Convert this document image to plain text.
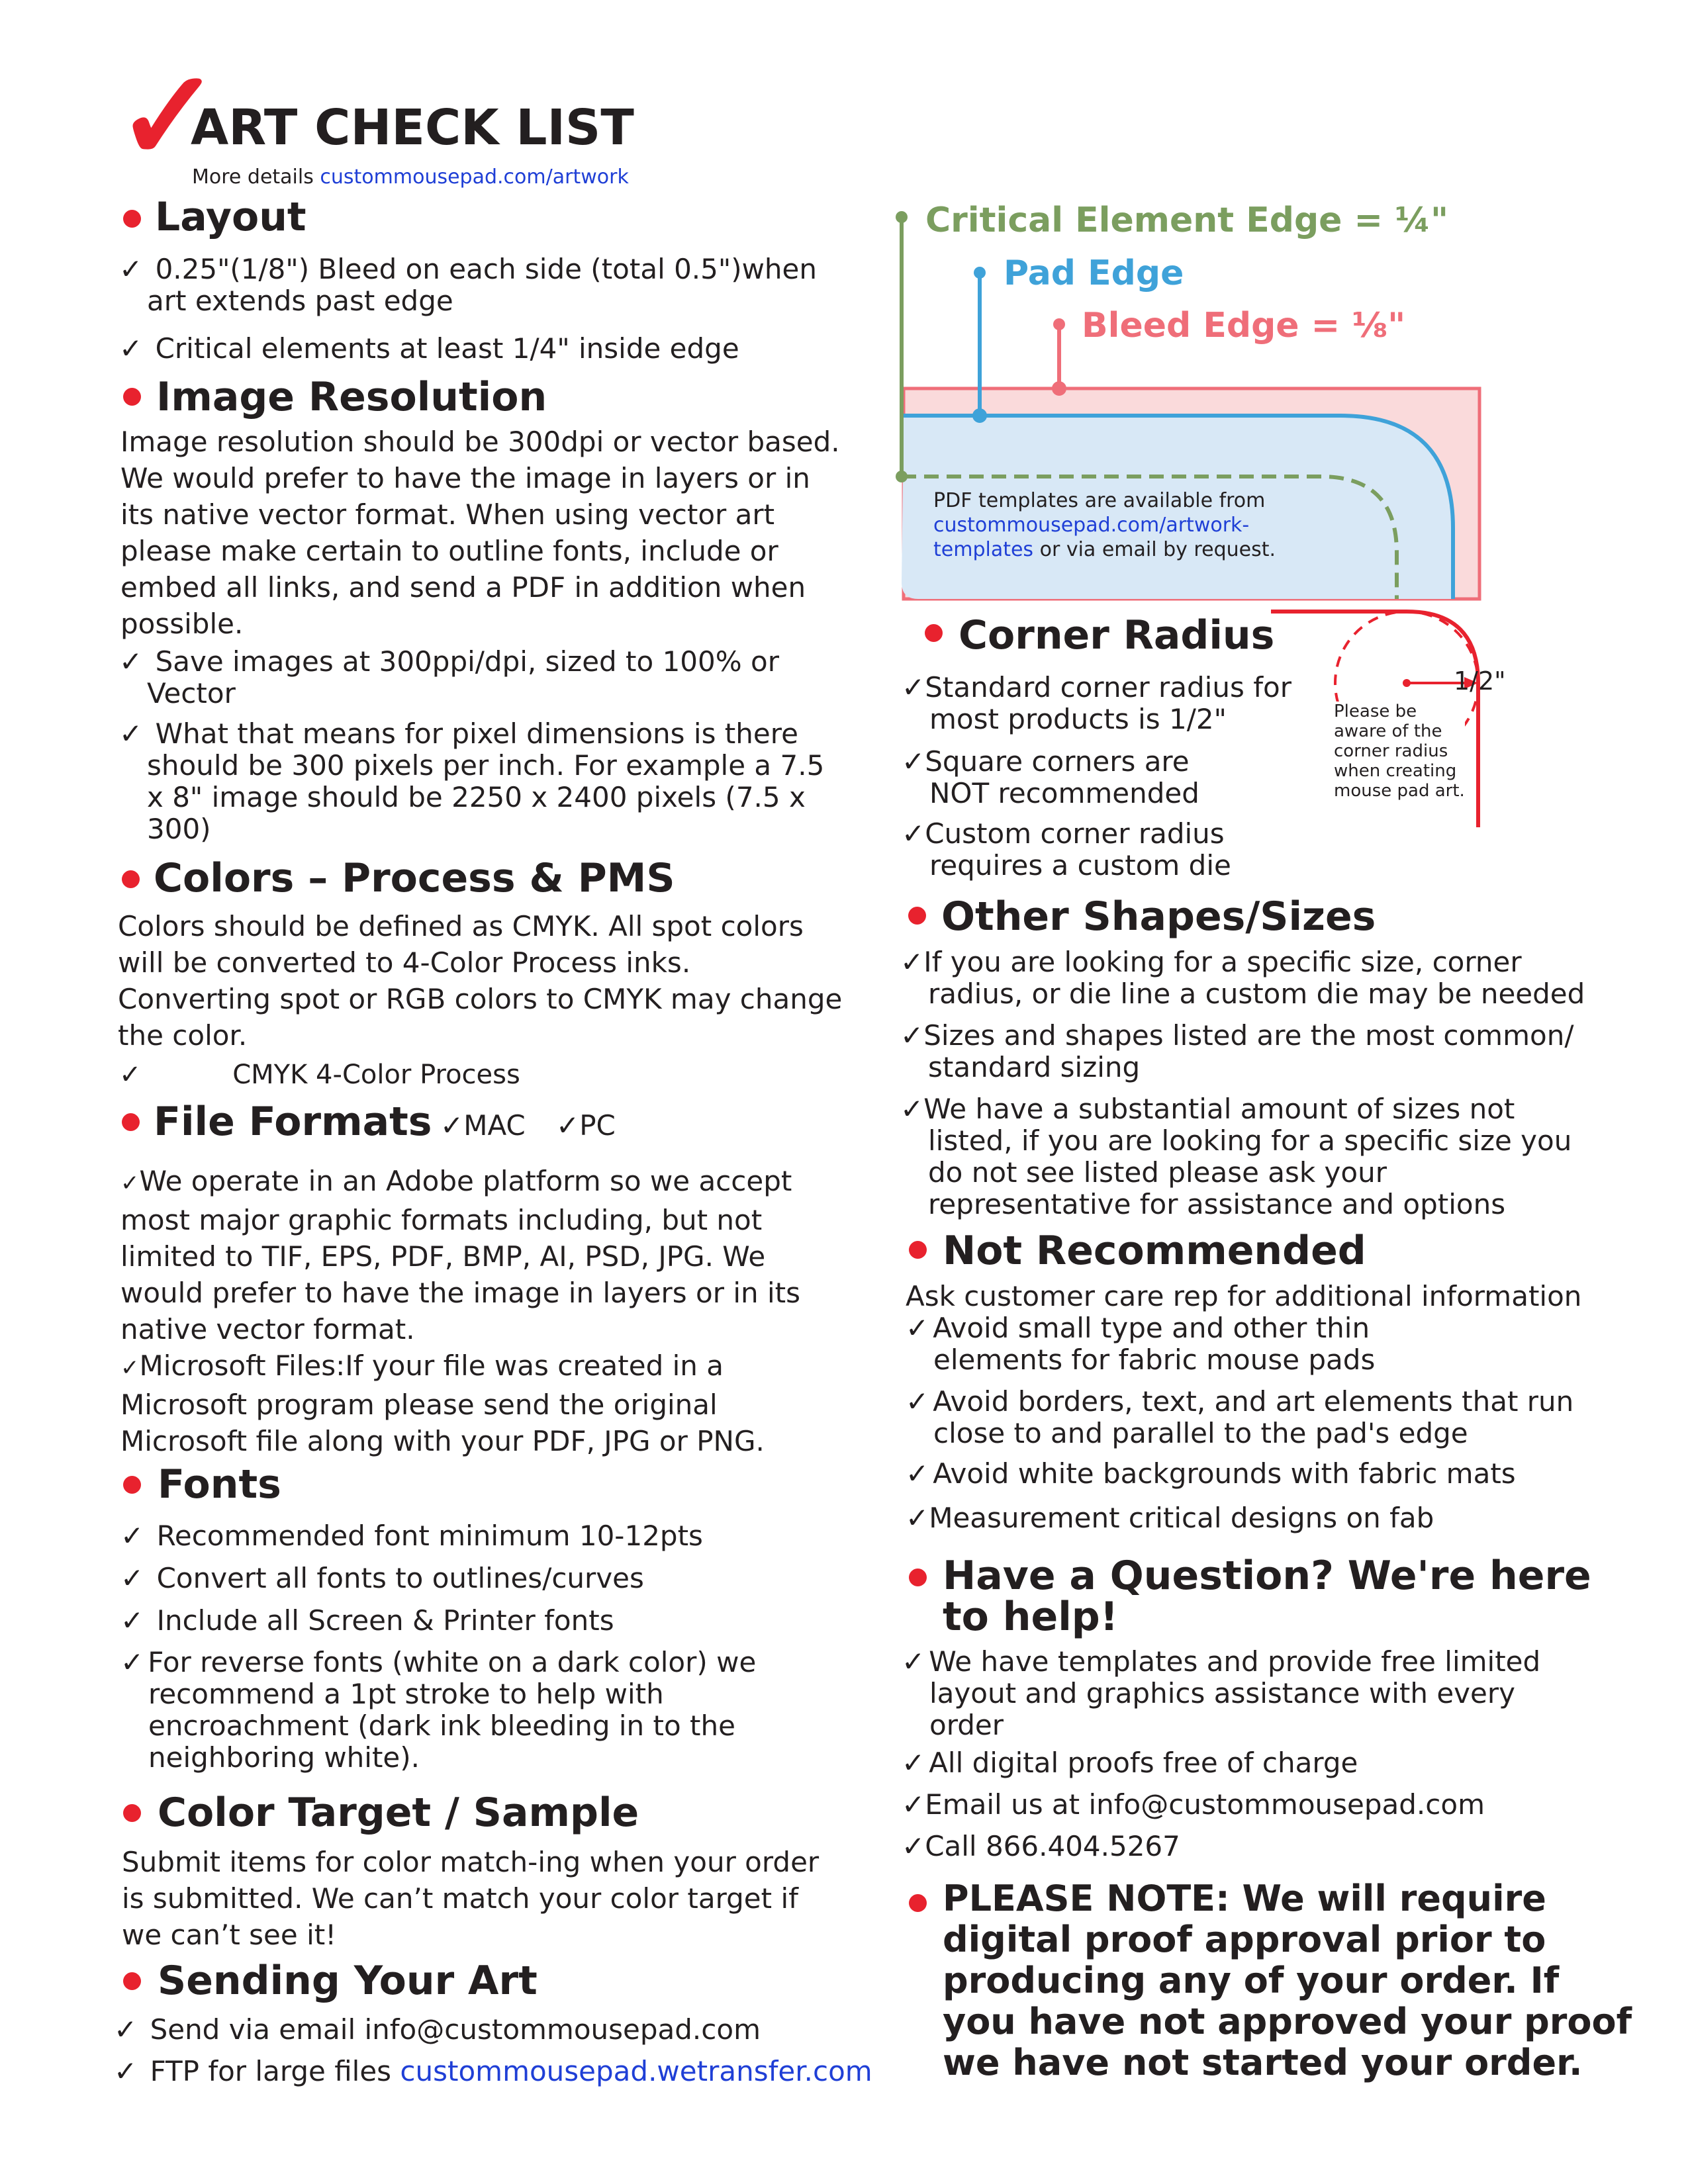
✓
ART CHECK LIST
More details custommousepad.com/artwork
Layout
✓ 0.25"(1/8") Bleed on each side (total 0.5")when
art extends past edge
✓ Critical elements at least 1/4" inside edge
Image Resolution
Image resolution should be 300dpi or vector based.
We would prefer to have the image in layers or in
its native vector format. When using vector art
please make certain to outline fonts, include or
embed all links, and send a PDF in addition when
possible.
✓ Save images at 300ppi/dpi, sized to 100% or
Vector
✓ What that means for pixel dimensions is there
should be 300 pixels per inch. For example a 7.5
x 8" image should be 2250 x 2400 pixels (7.5 x
300)
Colors – Process & PMS
Colors should be defined as CMYK. All spot colors
will be converted to 4-Color Process inks.
Converting spot or RGB colors to CMYK may change
the color.
✓	CMYK 4-Color Process
File Formats ✓MAC ✓PC
✓We operate in an Adobe platform so we accept
most major graphic formats including, but not
limited to TIF, EPS, PDF, BMP, AI, PSD, JPG. We
would prefer to have the image in layers or in its
native vector format.
✓Microsoft Files:If your file was created in a
Microsoft program please send the original
Microsoft file along with your PDF, JPG or PNG.
Fonts
✓ Recommended font minimum 10-12pts
✓ Convert all fonts to outlines/curves
✓ Include all Screen & Printer fonts
✓ For reverse fonts (white on a dark color) we
recommend a 1pt stroke to help with
encroachment (dark ink bleeding in to the
neighboring white).
Color Target / Sample
Submit items for color match-ing when your order
is submitted. We can’t match your color target if
we can’t see it!
Sending Your Art
✓ Send via email info@custommousepad.com
✓ FTP for large files custommousepad.wetransfer.com
Critical Element Edge = ¼"
Pad Edge
Bleed Edge = ⅛"
PDF templates are available from
custommousepad.com/artwork-
templates or via email by request.
Corner Radius
✓Standard corner radius for
most products is 1/2"
✓Square corners are
NOT recommended
✓Custom corner radius
requires a custom die
1/2"
Please be
aware of the
corner radius
when creating
mouse pad art.
Other Shapes/Sizes
✓If you are looking for a specific size, corner
radius, or die line a custom die may be needed
✓Sizes and shapes listed are the most common/
standard sizing
✓We have a substantial amount of sizes not
listed, if you are looking for a specific size you
do not see listed please ask your
representative for assistance and options
Not Recommended
Ask customer care rep for additional information
✓ Avoid small type and other thin
elements for fabric mouse pads
✓ Avoid borders, text, and art elements that run
close to and parallel to the pad's edge
✓ Avoid white backgrounds with fabric mats
✓Measurement critical designs on fab
Have a Question? We're here
to help!
✓ We have templates and provide free limited
layout and graphics assistance with every
order
✓ All digital proofs free of charge
✓Email us at info@custommousepad.com
✓Call 866.404.5267
PLEASE NOTE: We will require
digital proof approval prior to
producing any of your order. If
you have not approved your proof
we have not started your order.
